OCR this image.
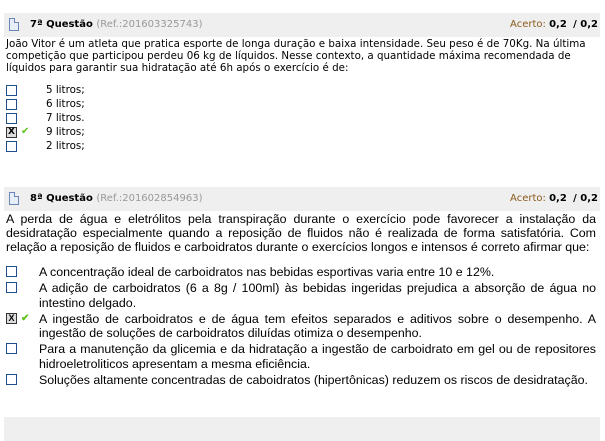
7ª Questão (Ref.:201603325743)	Acerto: 0,2 / 0,2
João Vitor é um atleta que pratica esporte de longa duração e baixa intensidade. Seu peso é de 70Kg. Na última competição que participou perdeu 06 kg de líquidos. Nesse contexto, a quantidade máxima recomendada de líquidos para garantir sua hidratação até 6h após o exercício é de:
5 litros;
6 litros;
7 litros.
X ✔ 9 litros;
2 litros;
8ª Questão (Ref.:201602854963)	Acerto: 0,2 / 0,2
A perda de água e eletrólitos pela transpiração durante o exercício pode favorecer a instalação da desidratação especialmente quando a reposição de fluidos não é realizada de forma satisfatória. Com relação a reposição de fluidos e carboidratos durante o exercícios longos e intensos é correto afirmar que:
A concentração ideal de carboidratos nas bebidas esportivas varia entre 10 e 12%.
A adição de carboidratos (6 a 8g / 100ml) às bebidas ingeridas prejudica a absorção de água no intestino delgado.
X ✔ A ingestão de carboidratos e de água tem efeitos separados e aditivos sobre o desempenho. A ingestão de soluções de carboidratos diluídas otimiza o desempenho.
Para a manutenção da glicemia e da hidratação a ingestão de carboidrato em gel ou de repositores hidroeletroliticos apresentam a mesma eficiência.
Soluções altamente concentradas de caboidratos (hipertônicas) reduzem os riscos de desidratação.
